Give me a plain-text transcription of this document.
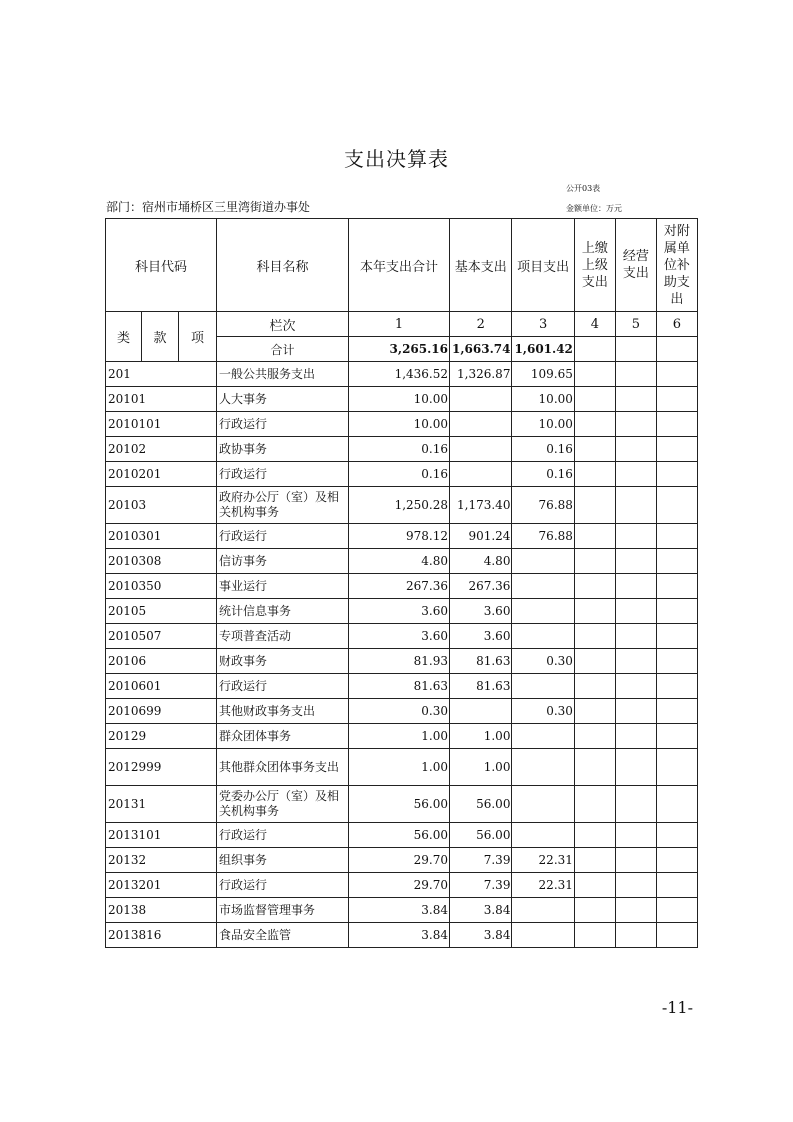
支出决算表
公开03表
部门：宿州市埇桥区三里湾街道办事处	金额单位：万元
科目代码			科目名称	本年支出合计	基本支出	项目支出	上缴上级支出	经营支出	对附属单位补助支出
类	款	项	栏次	1	2	3	4	5	6
			合计	3,265.16	1,663.74	1,601.42			
201			一般公共服务支出	1,436.52	1,326.87	109.65			
20101			人大事务	10.00		10.00			
2010101			行政运行	10.00		10.00			
20102			政协事务	0.16		0.16			
2010201			行政运行	0.16		0.16			
20103			政府办公厅（室）及相关机构事务	1,250.28	1,173.40	76.88			
2010301			行政运行	978.12	901.24	76.88			
2010308			信访事务	4.80	4.80				
2010350			事业运行	267.36	267.36				
20105			统计信息事务	3.60	3.60				
2010507			专项普查活动	3.60	3.60				
20106			财政事务	81.93	81.63	0.30			
2010601			行政运行	81.63	81.63				
2010699			其他财政事务支出	0.30		0.30			
20129			群众团体事务	1.00	1.00				
2012999			其他群众团体事务支出	1.00	1.00				
20131			党委办公厅（室）及相关机构事务	56.00	56.00				
2013101			行政运行	56.00	56.00				
20132			组织事务	29.70	7.39	22.31			
2013201			行政运行	29.70	7.39	22.31			
20138			市场监督管理事务	3.84	3.84				
2013816			食品安全监管	3.84	3.84				
-11-
